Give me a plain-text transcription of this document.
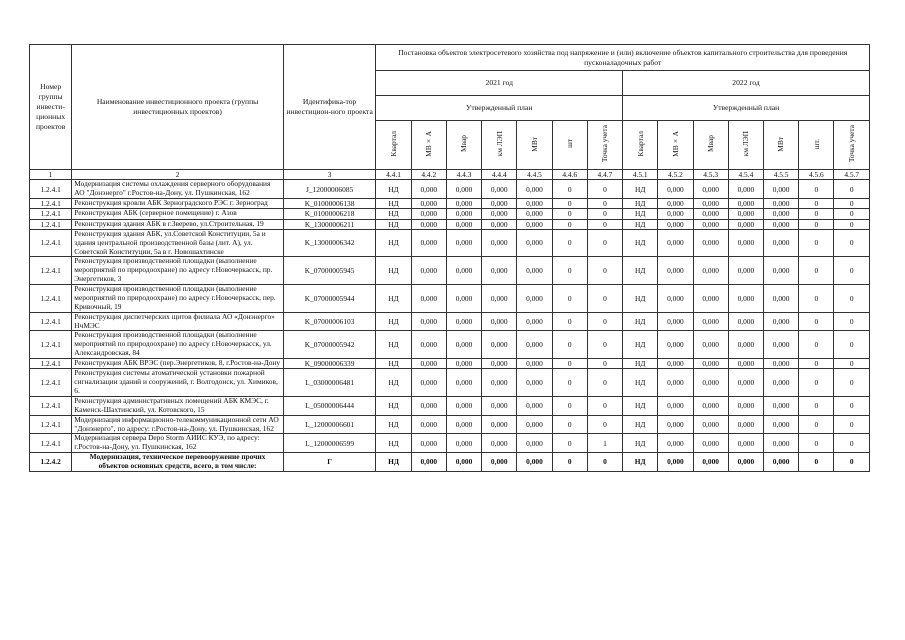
Номер группы инвести-ционных проектов	Наименование инвестиционного проекта (группы инвестиционных проектов)	Идентифика-тор инвестицион-ного проекта	Постановка объектов электросетевого хозяйства под напряжение и (или) включение объектов капитального строительства для проведения пусконаладочных работ													
			2021 год							2022 год						
			Утвержденный план							Утвержденный план						
			Квартал	МВ×А	Мвар	км ЛЭП	МВт	шт	Точка учета	Квартал	МВ×А	Мвар	км ЛЭП	МВт	шт.	Точка учета
1	2	3	4.4.1	4.4.2	4.4.3	4.4.4	4.4.5	4.4.6	4.4.7	4.5.1	4.5.2	4.5.3	4.5.4	4.5.5	4.5.6	4.5.7
1.2.4.1	Модернизация системы охлаждения серверного оборудования АО "Донэнерго" г.Ростов-на-Дону, ул. Пушкинская, 162	J_12000006085	НД	0,000	0,000	0,000	0,000	0	0	НД	0,000	0,000	0,000	0,000	0	0
1.2.4.1	Реконструкция кровли АБК Зерноградского РЭС г. Зерноград	K_01000006138	НД	0,000	0,000	0,000	0,000	0	0	НД	0,000	0,000	0,000	0,000	0	0
1.2.4.1	Реконструкция АБК (серверное помещение) г. Азов	K_01000006218	НД	0,000	0,000	0,000	0,000	0	0	НД	0,000	0,000	0,000	0,000	0	0
1.2.4.1	Реконструкция здания АБК в г.Зверево, ул.Строительная, 19	K_13000006211	НД	0,000	0,000	0,000	0,000	0	0	НД	0,000	0,000	0,000	0,000	0	0
1.2.4.1	Реконструкция здания АБК, ул.Советской Конституции, 5а и здания центральной производственной базы (лит. А), ул. Советской Конституции, 5а в г. Новошахтинске	K_13000006342	НД	0,000	0,000	0,000	0,000	0	0	НД	0,000	0,000	0,000	0,000	0	0
1.2.4.1	Реконструкция производственной площадки (выполнение мероприятий по природоохране) по адресу г.Новочеркасск, пр. Энергетиков, 3	K_07000005945	НД	0,000	0,000	0,000	0,000	0	0	НД	0,000	0,000	0,000	0,000	0	0
1.2.4.1	Реконструкция производственной площадки (выполнение мероприятий по природоохране) по адресу г.Новочеркасск, пер. Кривочный, 19	K_07000005944	НД	0,000	0,000	0,000	0,000	0	0	НД	0,000	0,000	0,000	0,000	0	0
1.2.4.1	Реконструкция диспетчерских щитов филиала АО «Донэнерго» НчМЭС	K_07000006103	НД	0,000	0,000	0,000	0,000	0	0	НД	0,000	0,000	0,000	0,000	0	0
1.2.4.1	Реконструкция производственной площадки (выполнение мероприятий по природоохране) по адресу г.Новочеркасск, ул. Александровская, 84	K_07000005942	НД	0,000	0,000	0,000	0,000	0	0	НД	0,000	0,000	0,000	0,000	0	0
1.2.4.1	Реконструкция АБК ВРЭС (пер.Энергетиков, 8, г.Ростов-на-Дону	K_09000006339	НД	0,000	0,000	0,000	0,000	0	0	НД	0,000	0,000	0,000	0,000	0	0
1.2.4.1	Реконструкция системы атоматической установки пожарной сигнализации зданий и сооружений, г. Волгодонск, ул. Химиков, 6.	L_03000006481	НД	0,000	0,000	0,000	0,000	0	0	НД	0,000	0,000	0,000	0,000	0	0
1.2.4.1	Реконструкция административных помещений АБК КМЭС, г. Каменск-Шахтинский, ул. Котовского, 15	L_05000006444	НД	0,000	0,000	0,000	0,000	0	0	НД	0,000	0,000	0,000	0,000	0	0
1.2.4.1	Модернизация информационно-телекоммуникационной сети АО "Донэнерго", по адресу: г.Ростов-на-Дону, ул. Пушкинская, 162	L_12000006601	НД	0,000	0,000	0,000	0,000	0	0	НД	0,000	0,000	0,000	0,000	0	0
1.2.4.1	Модернизация сервера Depo Storm АИИС КУЭ, по адресу: г.Ростов-на-Дону, ул. Пушкинская, 162	L_12000006599	НД	0,000	0,000	0,000	0,000	0	1	НД	0,000	0,000	0,000	0,000	0	0
1.2.4.2	Модернизация, техническое перевооружение прочих объектов основных средств, всего, в том числе:	Г	НД	0,000	0,000	0,000	0,000	0	0	НД	0,000	0,000	0,000	0,000	0	0
